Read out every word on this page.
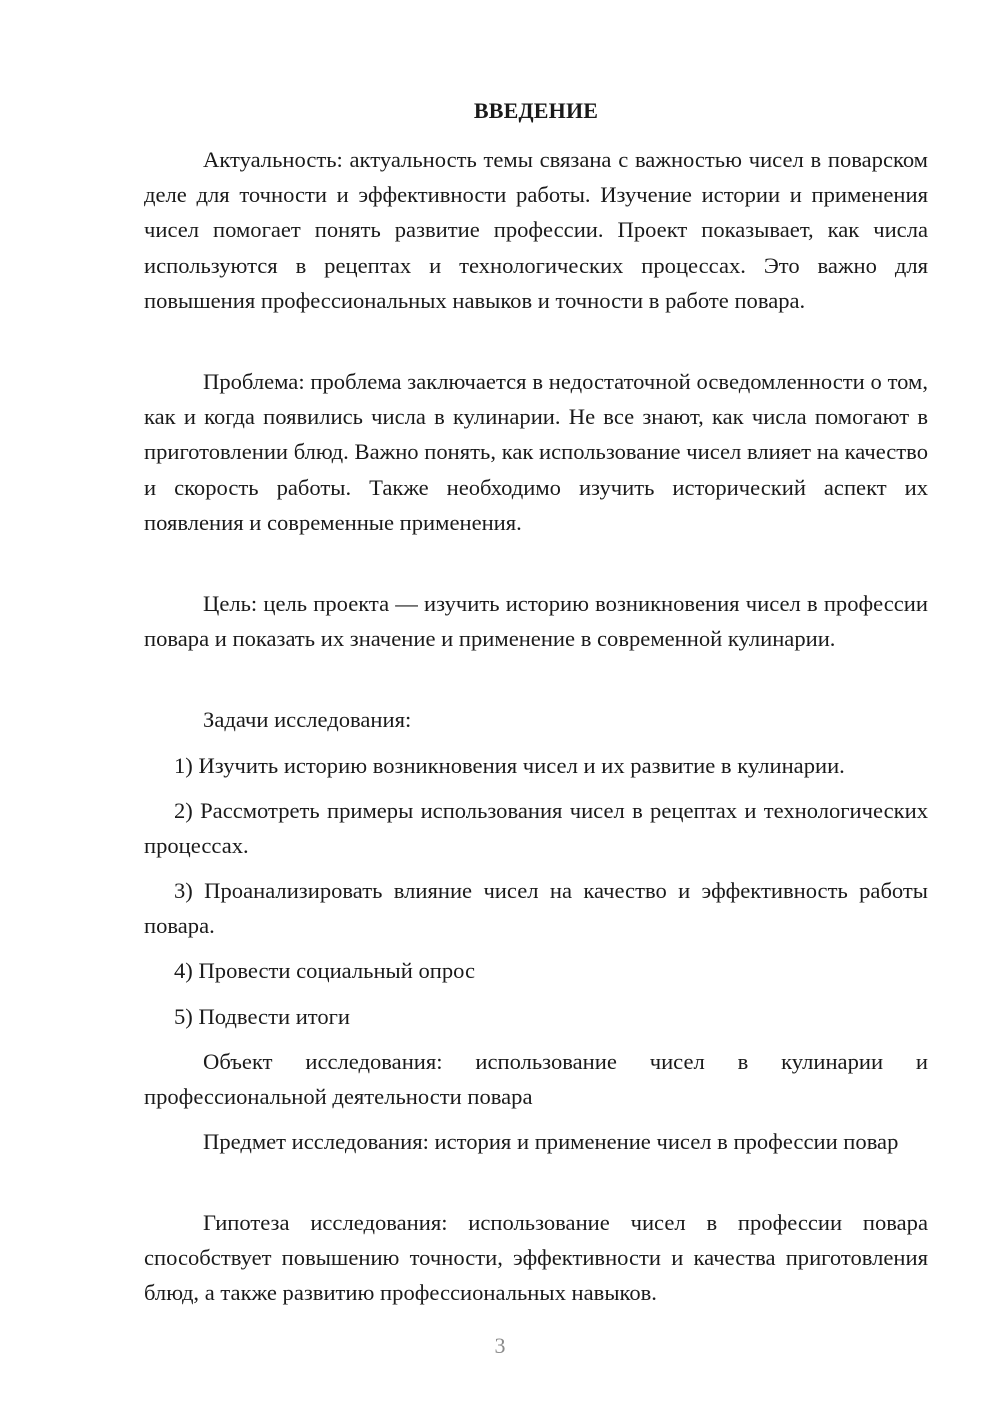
ВВЕДЕНИЕ

Актуальность: актуальность темы связана с важностью чисел в поварском деле для точности и эффективности работы. Изучение истории и применения чисел помогает понять развитие профессии. Проект показывает, как числа используются в рецептах и технологических процессах. Это важно для повышения профессиональных навыков и точности в работе повара.

Проблема: проблема заключается в недостаточной осведомленности о том, как и когда появились числа в кулинарии. Не все знают, как числа помогают в приготовлении блюд. Важно понять, как использование чисел влияет на качество и скорость работы. Также необходимо изучить исторический аспект их появления и современные применения.

Цель: цель проекта — изучить историю возникновения чисел в профессии повара и показать их значение и применение в современной кулинарии.

Задачи исследования:

1) Изучить историю возникновения чисел и их развитие в кулинарии.

2) Рассмотреть примеры использования чисел в рецептах и технологических процессах.

3) Проанализировать влияние чисел на качество и эффективность работы повара.

4) Провести социальный опрос

5) Подвести итоги

Объект исследования: использование чисел в кулинарии и профессиональной деятельности повара

Предмет исследования: история и применение чисел в профессии повар

Гипотеза исследования: использование чисел в профессии повара способствует повышению точности, эффективности и качества приготовления блюд, а также развитию профессиональных навыков.

3
